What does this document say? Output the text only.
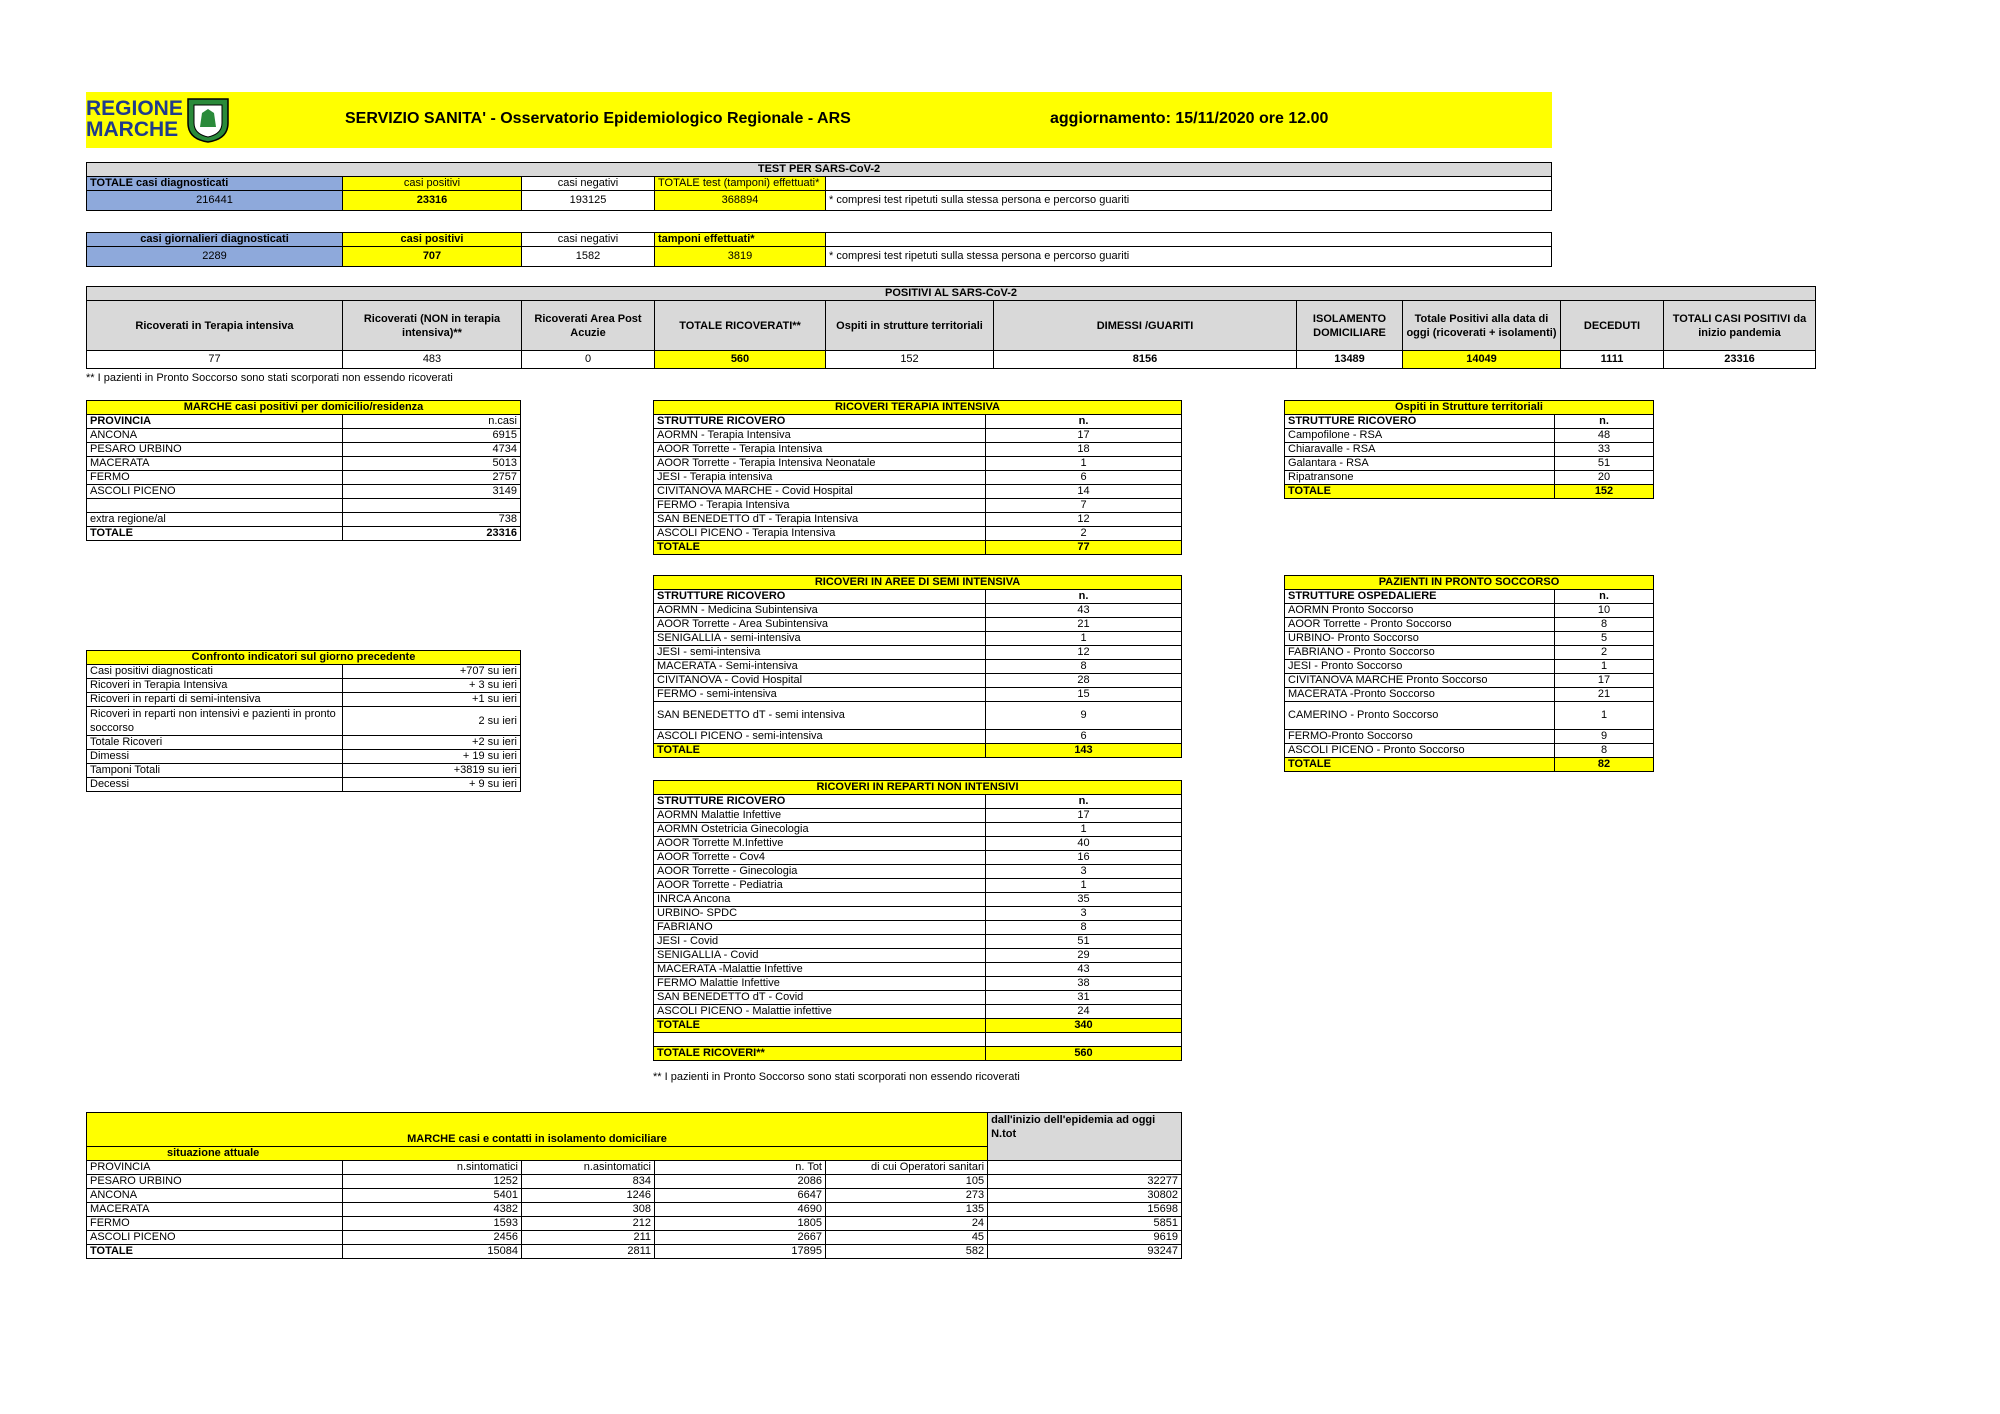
REGIONE
MARCHE	SERVIZIO SANITA' - Osservatorio Epidemiologico Regionale - ARS	aggiornamento: 15/11/2020 ore 12.00
TEST PER SARS-CoV-2				
TOTALE casi diagnosticati	casi positivi	casi negativi	TOTALE test (tamponi) effettuati*	
216441	23316	193125	368894	* compresi test ripetuti sulla stessa persona e percorso guariti
casi giornalieri diagnosticati	casi positivi	casi negativi	tamponi effettuati*	
2289	707	1582	3819	* compresi test ripetuti sulla stessa persona e percorso guariti
POSITIVI AL SARS-CoV-2									
Ricoverati in Terapia intensiva	Ricoverati (NON in terapia intensiva)**	Ricoverati Area Post Acuzie	TOTALE RICOVERATI**	Ospiti in strutture territoriali	DIMESSI /GUARITI	ISOLAMENTO DOMICILIARE	Totale Positivi alla data di oggi (ricoverati + isolamenti)	DECEDUTI	TOTALI CASI POSITIVI da inizio pandemia
77	483	0	560	152	8156	13489	14049	1111	23316
** I pazienti in Pronto Soccorso sono stati scorporati non essendo ricoverati
MARCHE casi positivi per domicilio/residenza	
PROVINCIA	n.casi
ANCONA	6915
PESARO URBINO	4734
MACERATA	5013
FERMO	2757
ASCOLI PICENO	3149

extra regione/al	738
TOTALE	23316
Confronto indicatori sul giorno precedente	
Casi positivi diagnosticati	+707 su ieri
Ricoveri in Terapia Intensiva	+ 3 su ieri
Ricoveri in reparti di semi-intensiva	+1 su ieri
Ricoveri in reparti non intensivi e pazienti in pronto soccorso	2 su ieri
Totale Ricoveri	+2 su ieri
Dimessi	+ 19 su ieri
Tamponi Totali	+3819 su ieri
Decessi	+ 9 su ieri
RICOVERI TERAPIA INTENSIVA	
STRUTTURE RICOVERO	n.
AORMN - Terapia Intensiva	17
AOOR Torrette - Terapia Intensiva	18
AOOR Torrette - Terapia Intensiva Neonatale	1
JESI - Terapia intensiva	6
CIVITANOVA MARCHE - Covid Hospital	14
FERMO - Terapia Intensiva	7
SAN BENEDETTO dT - Terapia Intensiva	12
ASCOLI PICENO - Terapia Intensiva	2
TOTALE	77
RICOVERI IN AREE DI SEMI INTENSIVA	
STRUTTURE RICOVERO	n.
AORMN - Medicina Subintensiva	43
AOOR Torrette - Area Subintensiva	21
SENIGALLIA - semi-intensiva	1
JESI - semi-intensiva	12
MACERATA - Semi-intensiva	8
CIVITANOVA - Covid Hospital	28
FERMO - semi-intensiva	15
SAN BENEDETTO dT - semi intensiva	9
ASCOLI PICENO - semi-intensiva	6
TOTALE	143
RICOVERI IN REPARTI NON INTENSIVI	
STRUTTURE RICOVERO	n.
AORMN Malattie Infettive	17
AORMN Ostetricia Ginecologia	1
AOOR Torrette M.Infettive	40
AOOR Torrette - Cov4	16
AOOR Torrette - Ginecologia	3
AOOR Torrette - Pediatria	1
INRCA Ancona	35
URBINO- SPDC	3
FABRIANO	8
JESI - Covid	51
SENIGALLIA - Covid	29
MACERATA -Malattie Infettive	43
FERMO Malattie Infettive	38
SAN BENEDETTO dT - Covid	31
ASCOLI PICENO - Malattie infettive	24
TOTALE	340

TOTALE RICOVERI**	560
** I pazienti in Pronto Soccorso sono stati scorporati non essendo ricoverati
Ospiti in Strutture territoriali	
STRUTTURE RICOVERO	n.
Campofilone - RSA	48
Chiaravalle - RSA	33
Galantara - RSA	51
Ripatransone	20
TOTALE	152
PAZIENTI IN PRONTO SOCCORSO	
STRUTTURE OSPEDALIERE	n.
AORMN Pronto Soccorso	10
AOOR Torrette - Pronto Soccorso	8
URBINO- Pronto Soccorso	5
FABRIANO - Pronto Soccorso	2
JESI - Pronto Soccorso	1
CIVITANOVA MARCHE Pronto Soccorso	17
MACERATA -Pronto Soccorso	21
CAMERINO - Pronto Soccorso	1
FERMO-Pronto Soccorso	9
ASCOLI PICENO - Pronto Soccorso	8
TOTALE	82
MARCHE casi e contatti in isolamento domiciliare					dall'inizio dell'epidemia ad oggi N.tot
situazione attuale					
PROVINCIA	n.sintomatici	n.asintomatici	n. Tot	di cui Operatori sanitari	
PESARO URBINO	1252	834	2086	105	32277
ANCONA	5401	1246	6647	273	30802
MACERATA	4382	308	4690	135	15698
FERMO	1593	212	1805	24	5851
ASCOLI PICENO	2456	211	2667	45	9619
TOTALE	15084	2811	17895	582	93247
